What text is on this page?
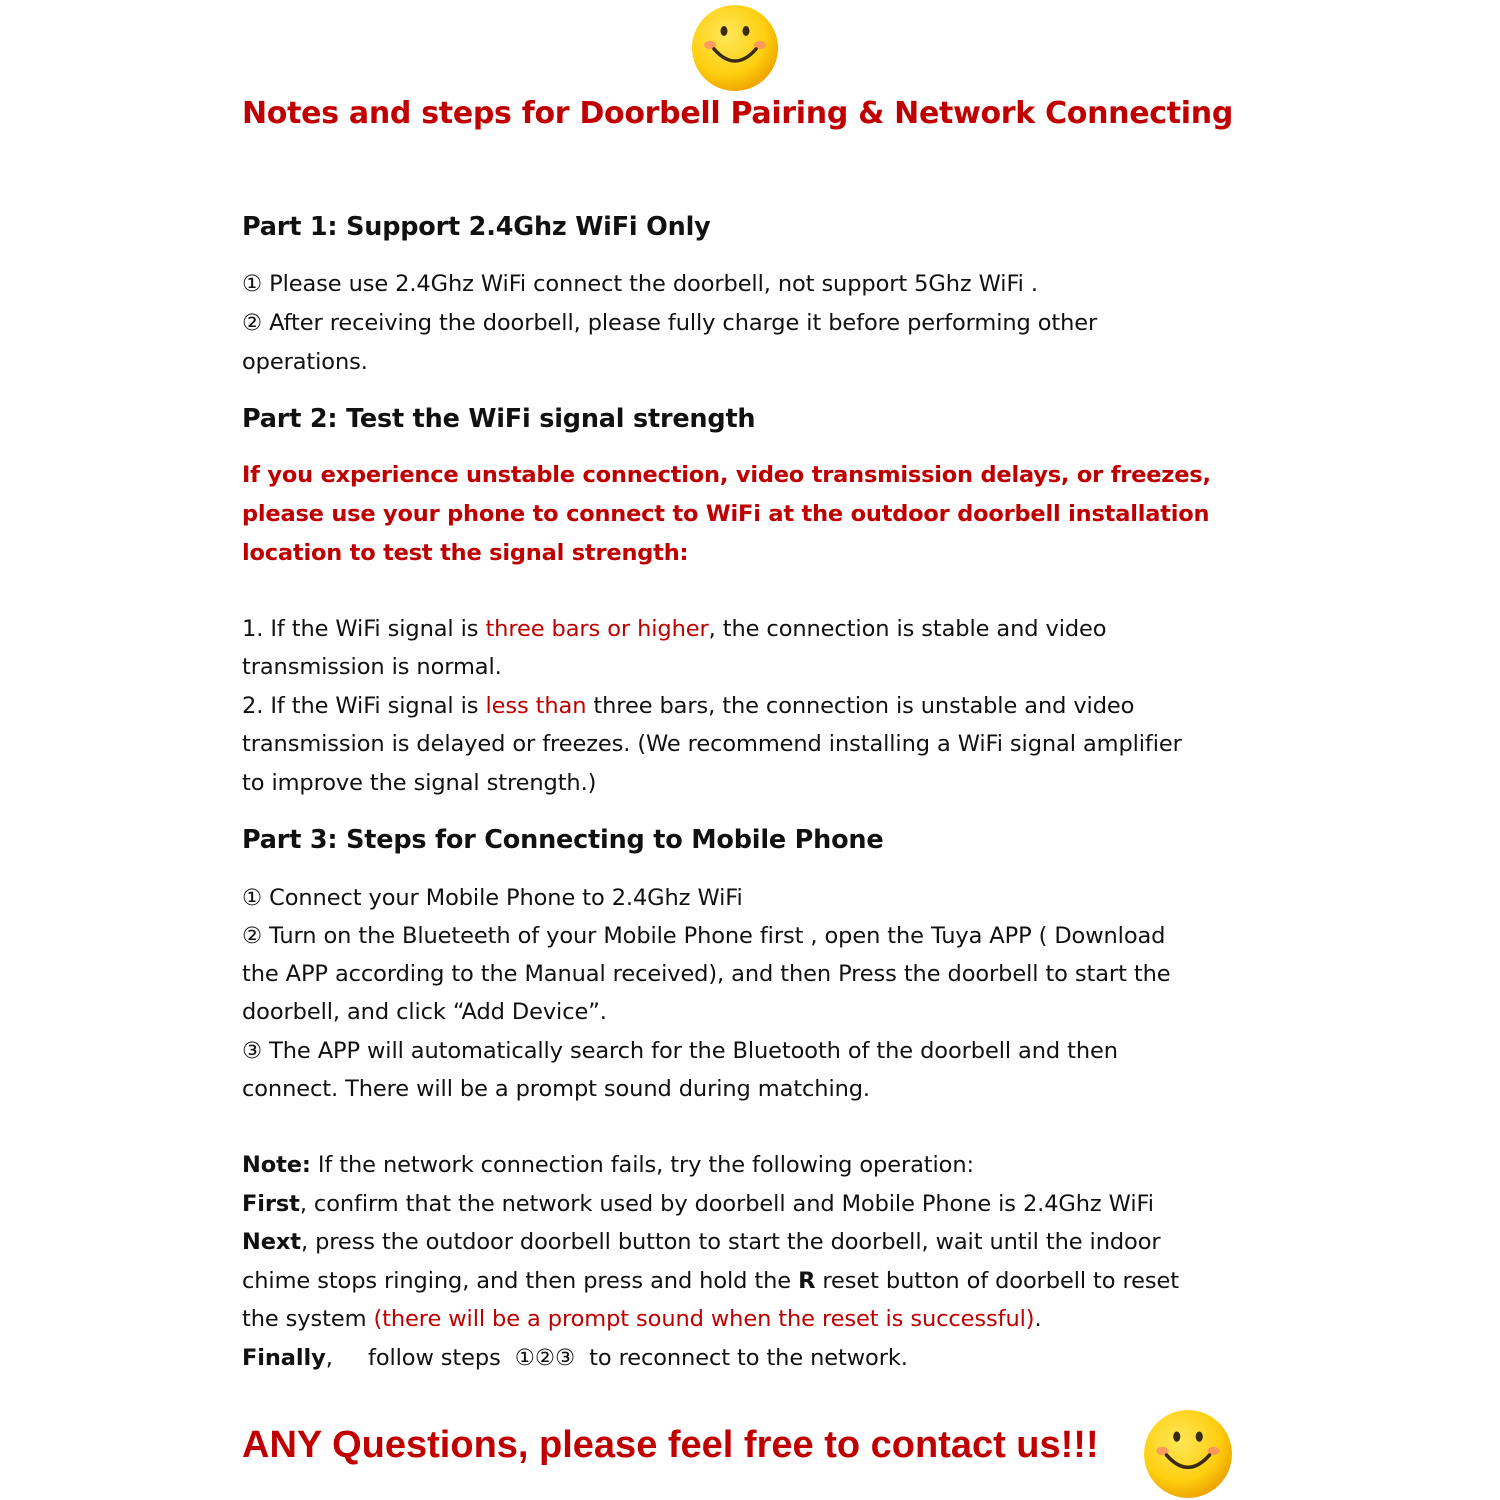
Notes and steps for Doorbell Pairing & Network Connecting
Part 1: Support 2.4Ghz WiFi Only
① Please use 2.4Ghz WiFi connect the doorbell, not support 5Ghz WiFi .
② After receiving the doorbell, please fully charge it before performing other
operations.
Part 2: Test the WiFi signal strength
If you experience unstable connection, video transmission delays, or freezes,
please use your phone to connect to WiFi at the outdoor doorbell installation
location to test the signal strength:
1. If the WiFi signal is three bars or higher, the connection is stable and video
transmission is normal.
2. If the WiFi signal is less than three bars, the connection is unstable and video
transmission is delayed or freezes. (We recommend installing a WiFi signal amplifier
to improve the signal strength.)
Part 3: Steps for Connecting to Mobile Phone
① Connect your Mobile Phone to 2.4Ghz WiFi
② Turn on the Blueteeth of your Mobile Phone first , open the Tuya APP ( Download
the APP according to the Manual received), and then Press the doorbell to start the
doorbell, and click “Add Device”.
③ The APP will automatically search for the Bluetooth of the doorbell and then
connect. There will be a prompt sound during matching.
Note: If the network connection fails, try the following operation:
First, confirm that the network used by doorbell and Mobile Phone is 2.4Ghz WiFi
Next, press the outdoor doorbell button to start the doorbell, wait until the indoor
chime stops ringing, and then press and hold the R reset button of doorbell to reset
the system (there will be a prompt sound when the reset is successful).
Finally,     follow steps  ①②③  to reconnect to the network.
ANY Questions, please feel free to contact us!!!
